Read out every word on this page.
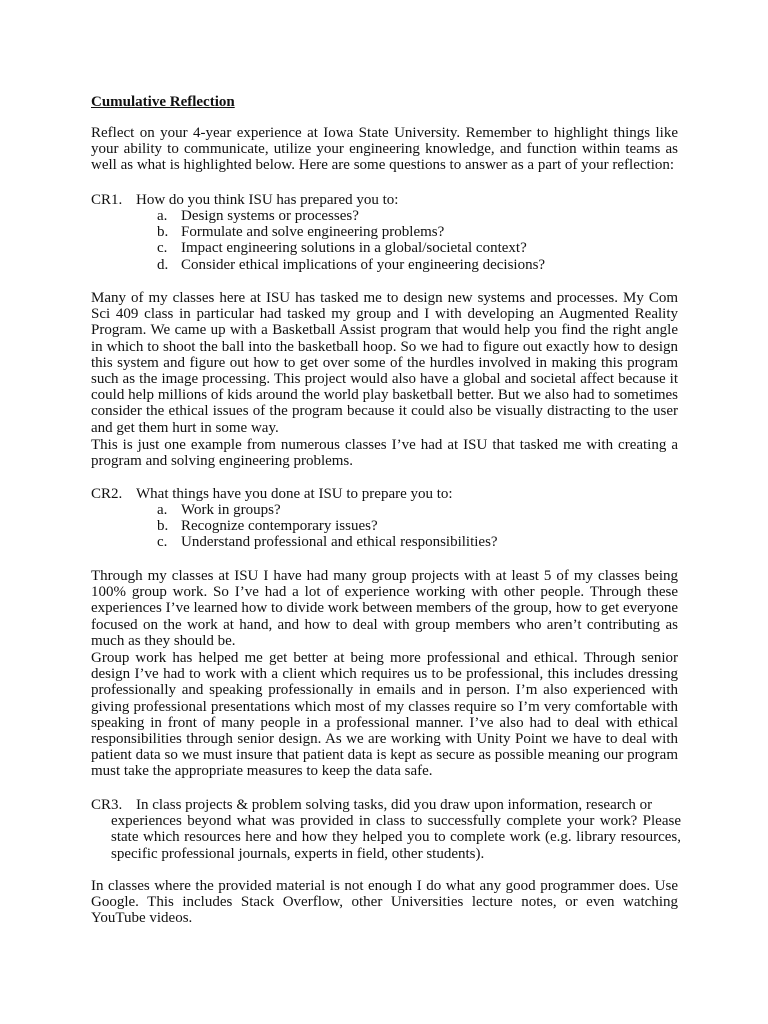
Cumulative Reflection

Reflect on your 4-year experience at Iowa State University. Remember to highlight things like your ability to communicate, utilize your engineering knowledge, and function within teams as well as what is highlighted below. Here are some questions to answer as a part of your reflection:

CR1. How do you think ISU has prepared you to:
a. Design systems or processes?
b. Formulate and solve engineering problems?
c. Impact engineering solutions in a global/societal context?
d. Consider ethical implications of your engineering decisions?

Many of my classes here at ISU has tasked me to design new systems and processes. My Com Sci 409 class in particular had tasked my group and I with developing an Augmented Reality Program. We came up with a Basketball Assist program that would help you find the right angle in which to shoot the ball into the basketball hoop. So we had to figure out exactly how to design this system and figure out how to get over some of the hurdles involved in making this program such as the image processing. This project would also have a global and societal affect because it could help millions of kids around the world play basketball better. But we also had to sometimes consider the ethical issues of the program because it could also be visually distracting to the user and get them hurt in some way.

This is just one example from numerous classes I’ve had at ISU that tasked me with creating a program and solving engineering problems.

CR2. What things have you done at ISU to prepare you to:
a. Work in groups?
b. Recognize contemporary issues?
c. Understand professional and ethical responsibilities?

Through my classes at ISU I have had many group projects with at least 5 of my classes being 100% group work. So I’ve had a lot of experience working with other people. Through these experiences I’ve learned how to divide work between members of the group, how to get everyone focused on the work at hand, and how to deal with group members who aren’t contributing as much as they should be.

Group work has helped me get better at being more professional and ethical. Through senior design I’ve had to work with a client which requires us to be professional, this includes dressing professionally and speaking professionally in emails and in person. I’m also experienced with giving professional presentations which most of my classes require so I’m very comfortable with speaking in front of many people in a professional manner. I’ve also had to deal with ethical responsibilities through senior design. As we are working with Unity Point we have to deal with patient data so we must insure that patient data is kept as secure as possible meaning our program must take the appropriate measures to keep the data safe.

CR3. In class projects & problem solving tasks, did you draw upon information, research or
experiences beyond what was provided in class to successfully complete your work? Please state which resources here and how they helped you to complete work (e.g. library resources, specific professional journals, experts in field, other students).

In classes where the provided material is not enough I do what any good programmer does. Use Google. This includes Stack Overflow, other Universities lecture notes, or even watching YouTube videos.
